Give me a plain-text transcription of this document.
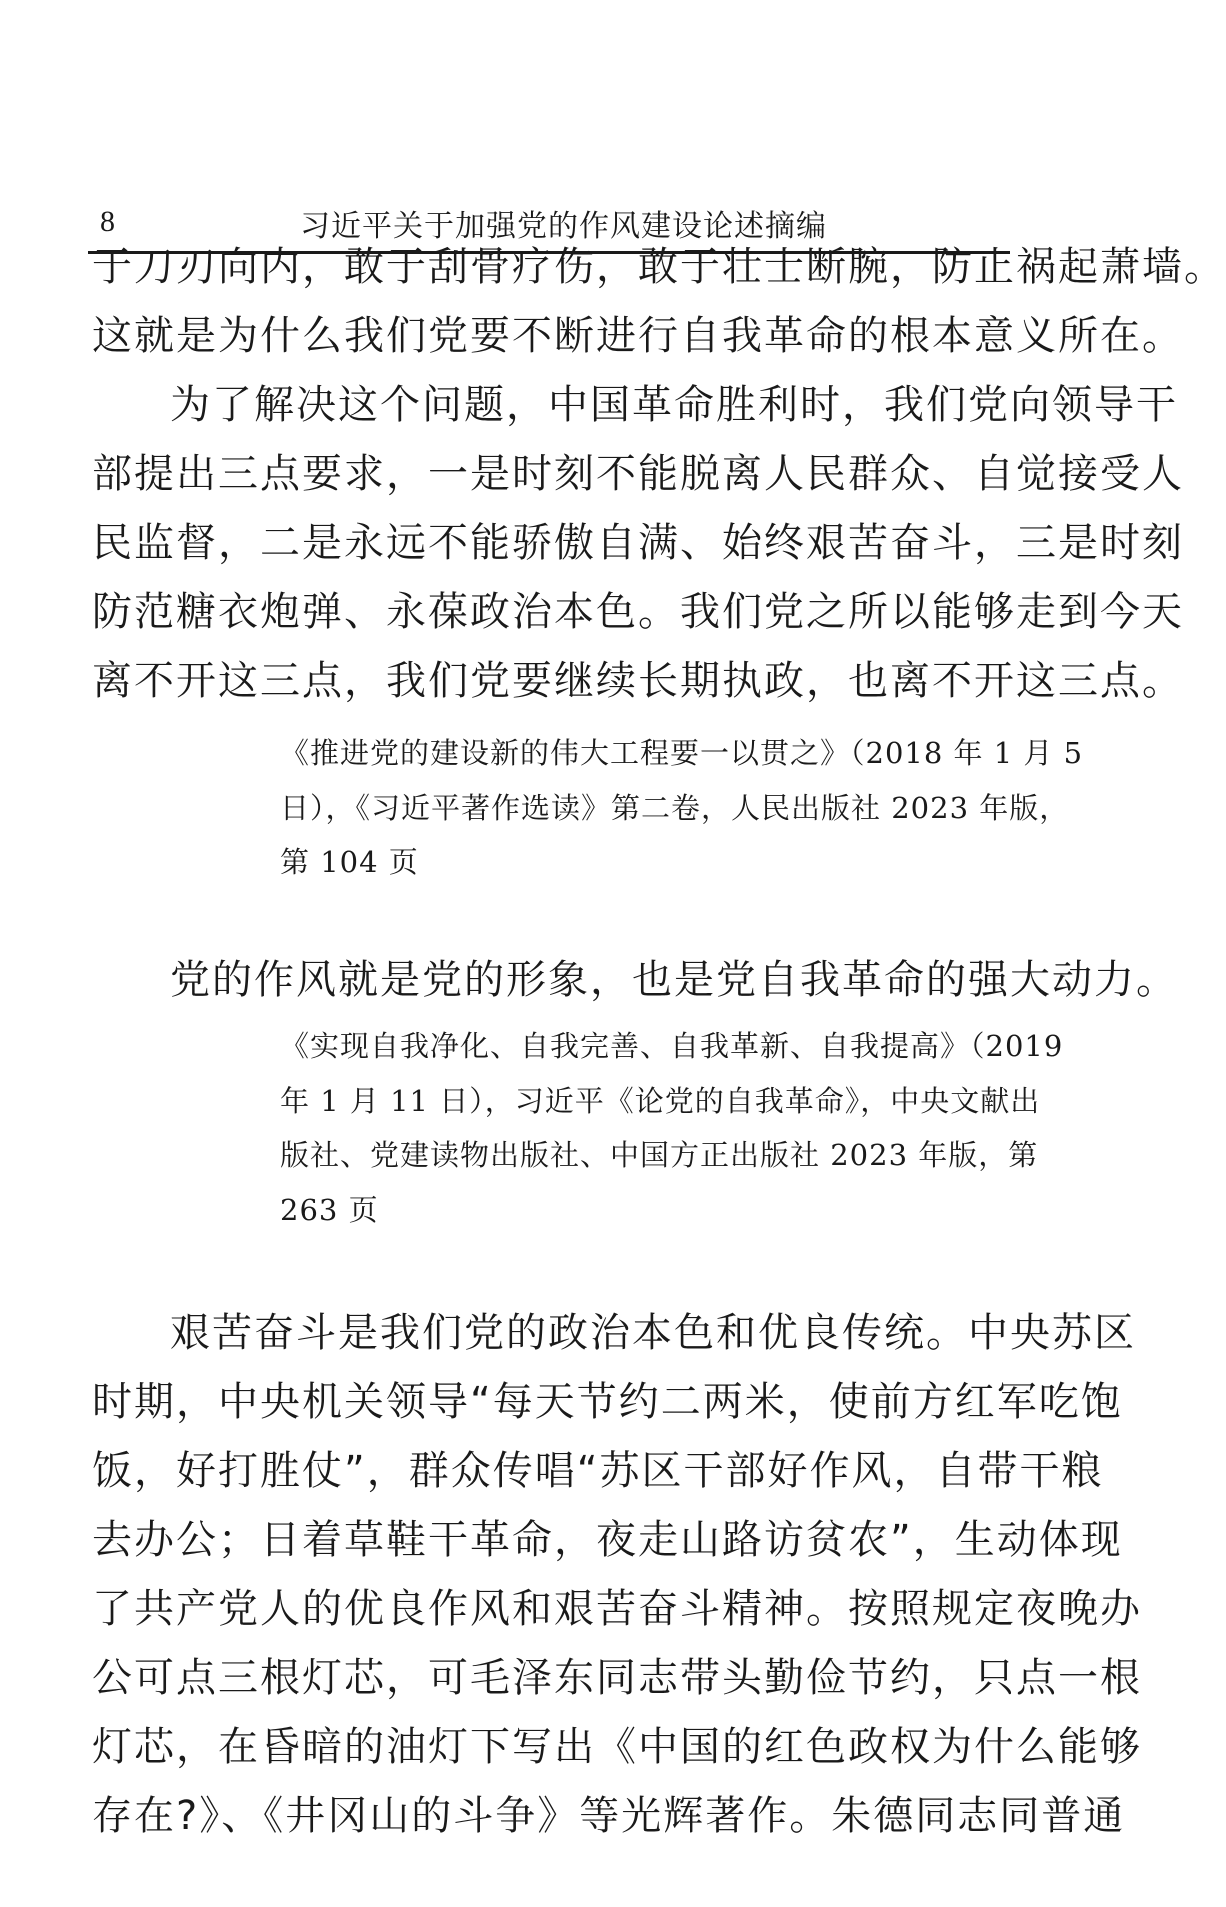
8	习近平关于加强党的作风建设论述摘编
于刀刃向内，敢于刮骨疗伤，敢于壮士断腕，防止祸起萧墙。
这就是为什么我们党要不断进行自我革命的根本意义所在。
为了解决这个问题，中国革命胜利时，我们党向领导干
部提出三点要求，一是时刻不能脱离人民群众、自觉接受人
民监督，二是永远不能骄傲自满、始终艰苦奋斗，三是时刻
防范糖衣炮弹、永葆政治本色。我们党之所以能够走到今天
离不开这三点，我们党要继续长期执政，也离不开这三点。
《推进党的建设新的伟大工程要一以贯之》（2018 年 1 月 5
日），《习近平著作选读》第二卷，人民出版社 2023 年版，
第 104 页
党的作风就是党的形象，也是党自我革命的强大动力。
《实现自我净化、自我完善、自我革新、自我提高》（2019
年 1 月 11 日），习近平《论党的自我革命》，中央文献出
版社、党建读物出版社、中国方正出版社 2023 年版，第
263 页
艰苦奋斗是我们党的政治本色和优良传统。中央苏区
时期，中央机关领导“每天节约二两米，使前方红军吃饱
饭，好打胜仗”，群众传唱“苏区干部好作风，自带干粮
去办公；日着草鞋干革命，夜走山路访贫农”，生动体现
了共产党人的优良作风和艰苦奋斗精神。按照规定夜晚办
公可点三根灯芯，可毛泽东同志带头勤俭节约，只点一根
灯芯，在昏暗的油灯下写出《中国的红色政权为什么能够
存在?》、《井冈山的斗争》等光辉著作。朱德同志同普通
